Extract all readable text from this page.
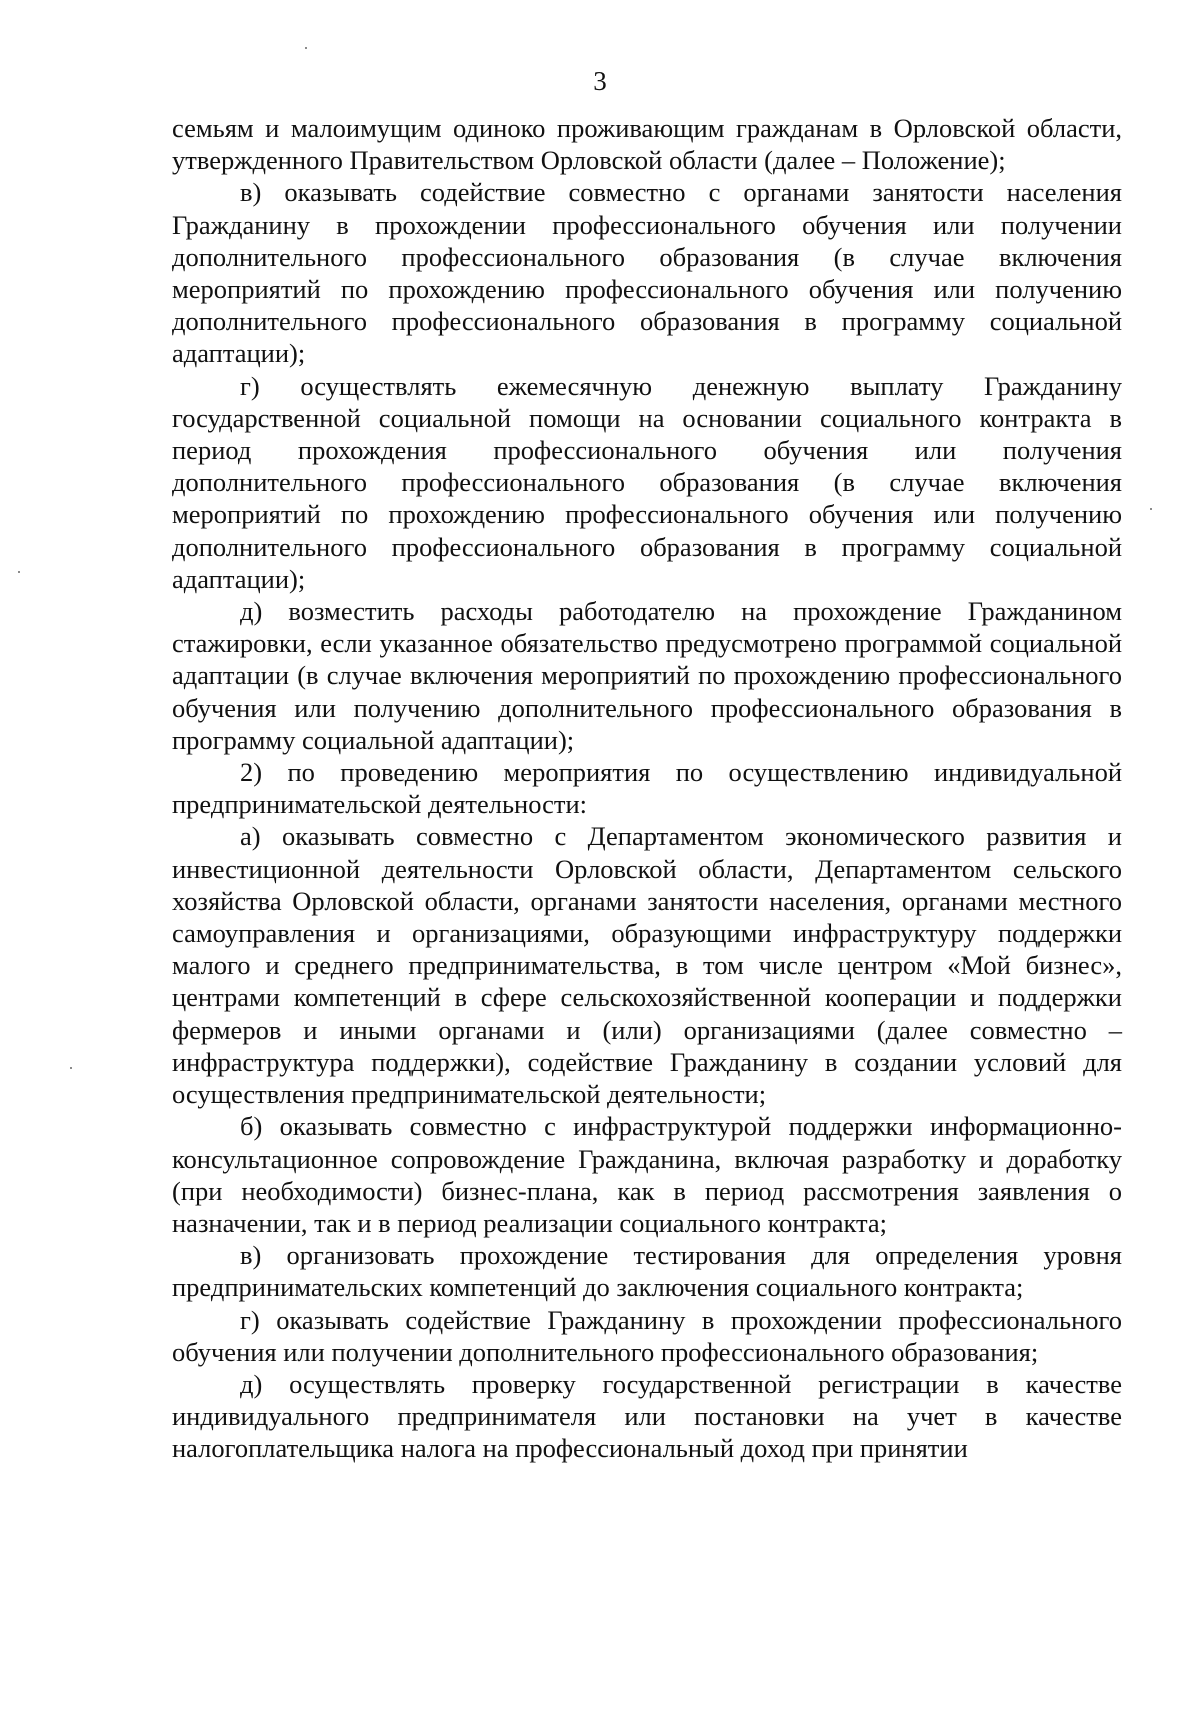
3

семьям и малоимущим одиноко проживающим гражданам в Орловской области, утвержденного Правительством Орловской области (далее – Положение);

в) оказывать содействие совместно с органами занятости населения Гражданину в прохождении профессионального обучения или получении дополнительного профессионального образования (в случае включения мероприятий по прохождению профессионального обучения или получению дополнительного профессионального образования в программу социальной адаптации);

г) осуществлять ежемесячную денежную выплату Гражданину государственной социальной помощи на основании социального контракта в период прохождения профессионального обучения или получения дополнительного профессионального образования (в случае включения мероприятий по прохождению профессионального обучения или получению дополнительного профессионального образования в программу социальной адаптации);

д) возместить расходы работодателю на прохождение Гражданином стажировки, если указанное обязательство предусмотрено программой социальной адаптации (в случае включения мероприятий по прохождению профессионального обучения или получению дополнительного профессионального образования в программу социальной адаптации);

2) по проведению мероприятия по осуществлению индивидуальной предпринимательской деятельности:

а) оказывать совместно с Департаментом экономического развития и инвестиционной деятельности Орловской области, Департаментом сельского хозяйства Орловской области, органами занятости населения, органами местного самоуправления и организациями, образующими инфраструктуру поддержки малого и среднего предпринимательства, в том числе центром «Мой бизнес», центрами компетенций в сфере сельскохозяйственной кооперации и поддержки фермеров и иными органами и (или) организациями (далее совместно – инфраструктура поддержки), содействие Гражданину в создании условий для осуществления предпринимательской деятельности;

б) оказывать совместно с инфраструктурой поддержки информационно-консультационное сопровождение Гражданина, включая разработку и доработку (при необходимости) бизнес-плана, как в период рассмотрения заявления о назначении, так и в период реализации социального контракта;

в) организовать прохождение тестирования для определения уровня предпринимательских компетенций до заключения социального контракта;

г) оказывать содействие Гражданину в прохождении профессионального обучения или получении дополнительного профессионального образования;

д) осуществлять проверку государственной регистрации в качестве индивидуального предпринимателя или постановки на учет в качестве налогоплательщика налога на профессиональный доход при принятии
